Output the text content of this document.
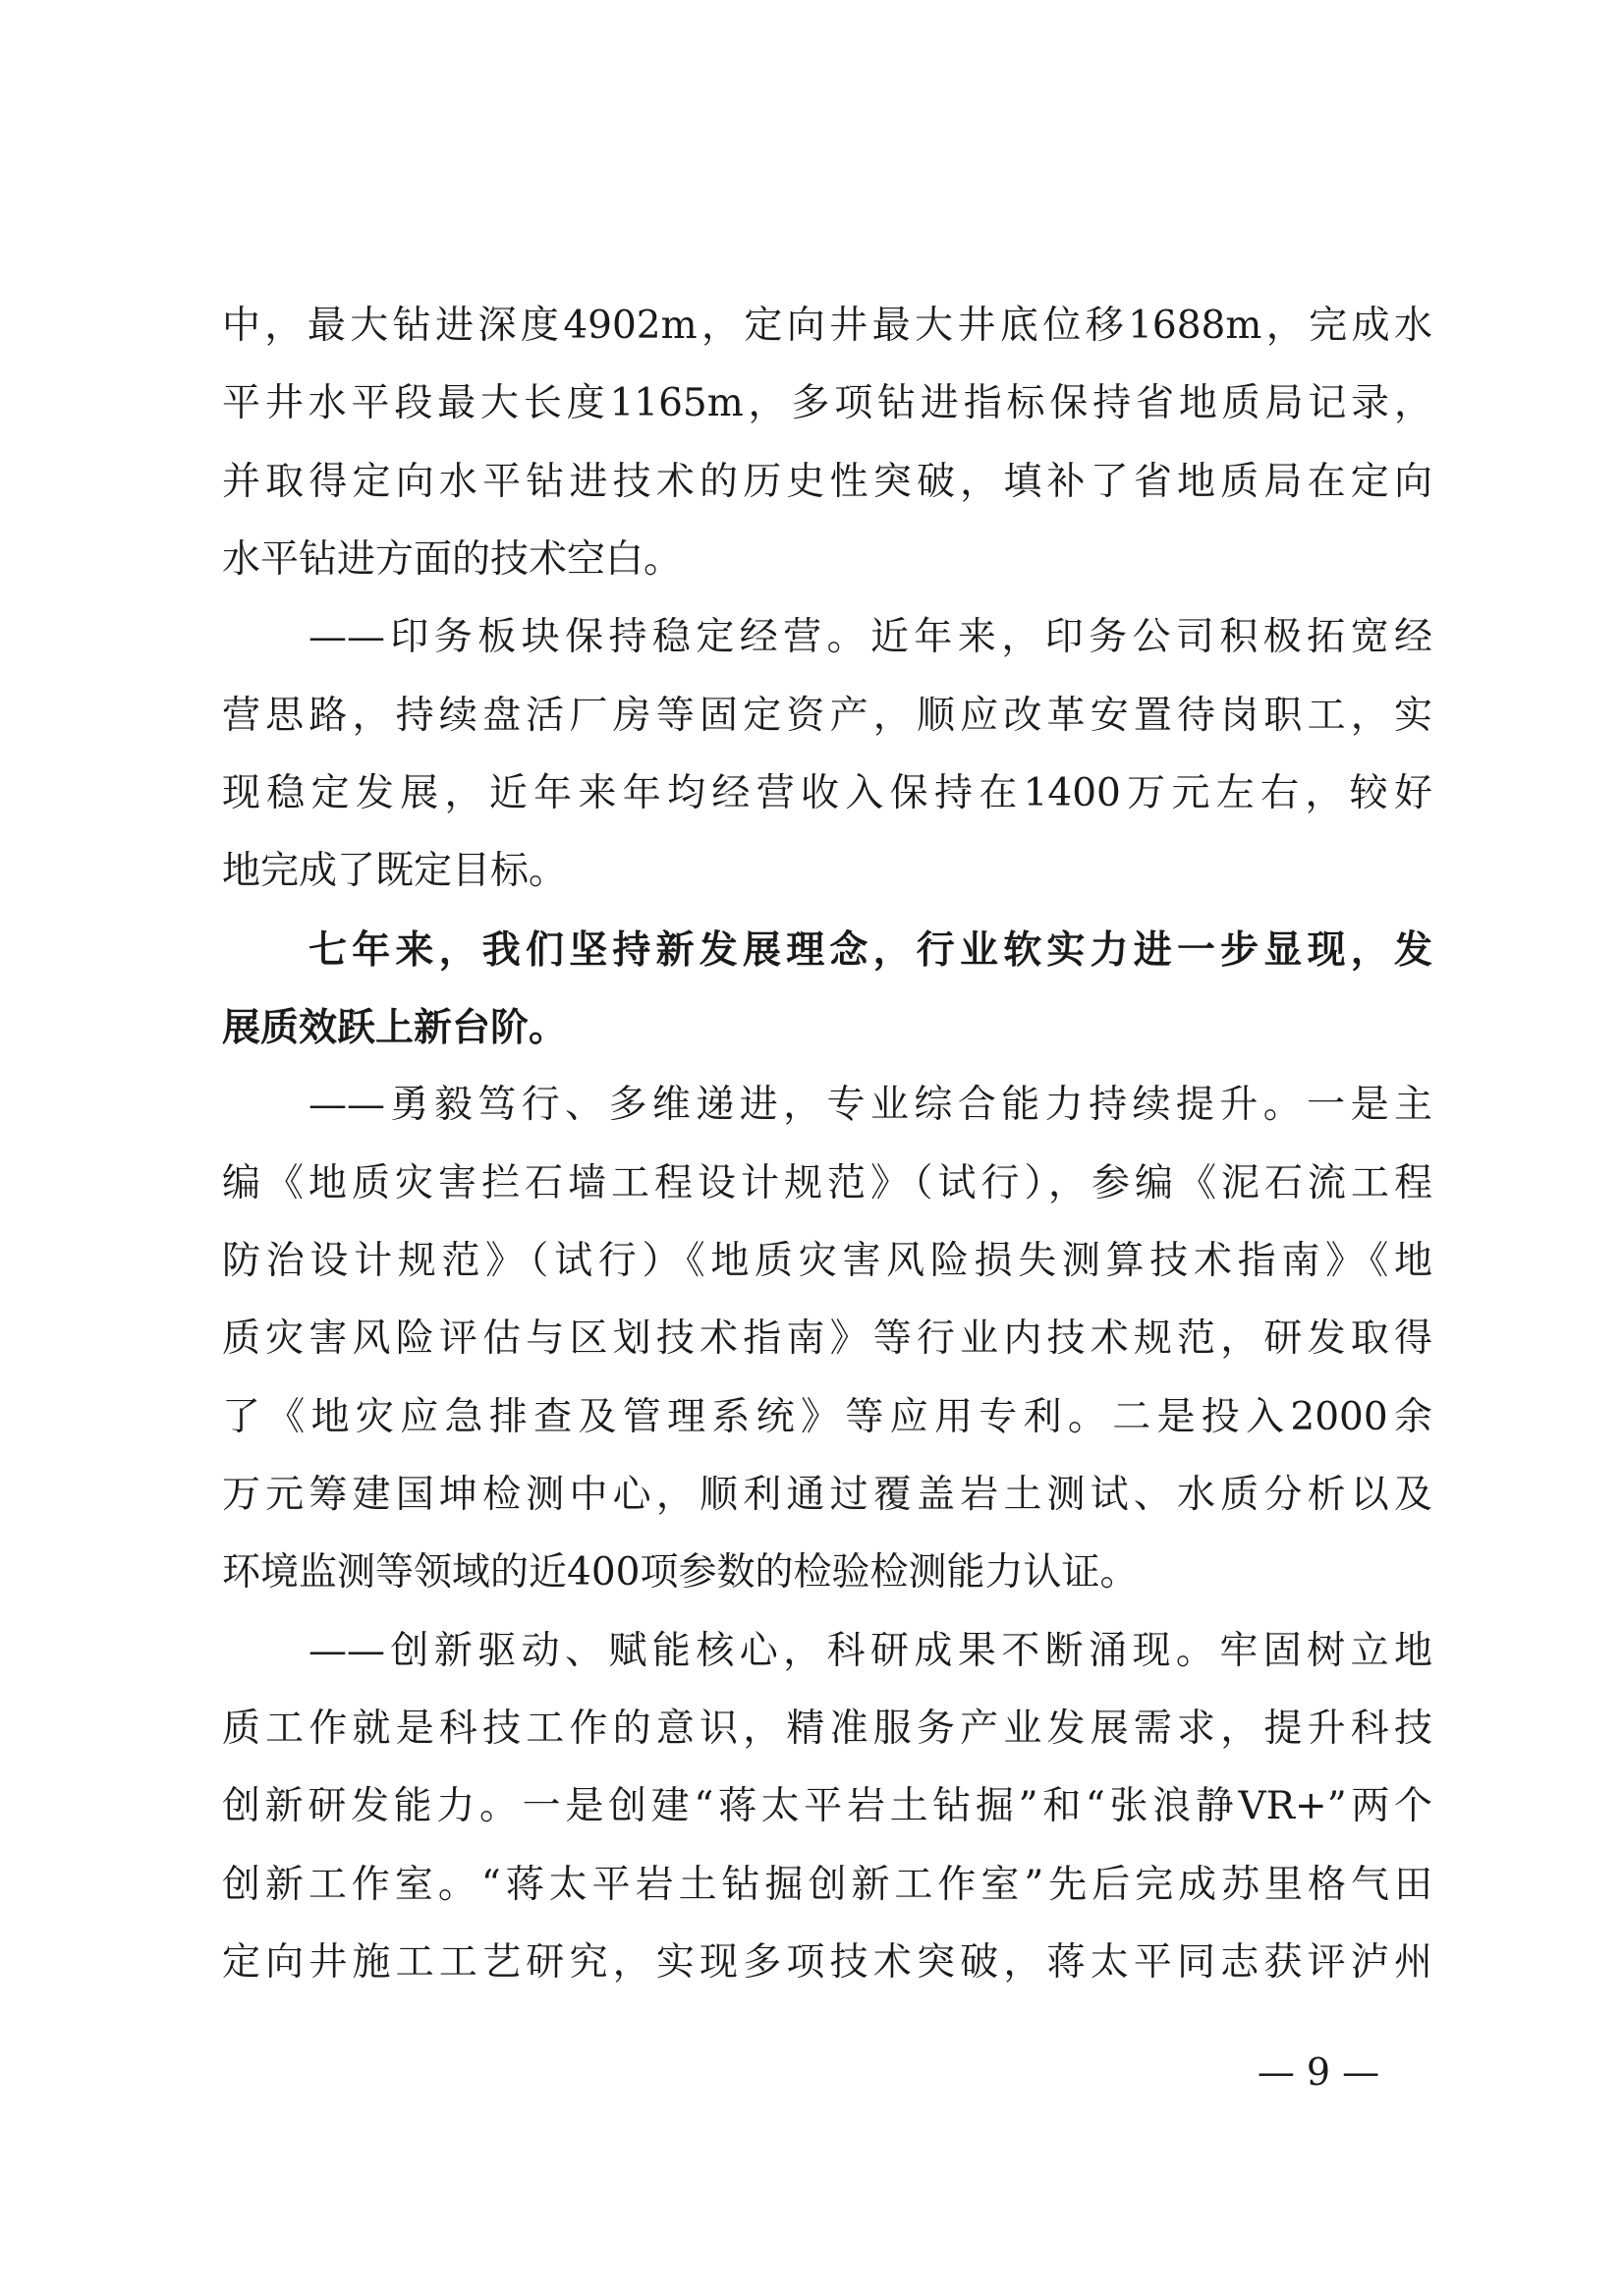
中，最大钻进深度4902m，定向井最大井底位移1688m，完成水
平井水平段最大长度1165m，多项钻进指标保持省地质局记录，
并取得定向水平钻进技术的历史性突破，填补了省地质局在定向
水平钻进方面的技术空白。
——印务板块保持稳定经营。近年来，印务公司积极拓宽经
营思路，持续盘活厂房等固定资产，顺应改革安置待岗职工，实
现稳定发展，近年来年均经营收入保持在1400万元左右，较好
地完成了既定目标。
七年来，我们坚持新发展理念，行业软实力进一步显现，发
展质效跃上新台阶。
——勇毅笃行、多维递进，专业综合能力持续提升。一是主
编《地质灾害拦石墙工程设计规范》（试行），参编《泥石流工程
防治设计规范》（试行）《地质灾害风险损失测算技术指南》《地
质灾害风险评估与区划技术指南》等行业内技术规范，研发取得
了《地灾应急排查及管理系统》等应用专利。二是投入2000余
万元筹建国坤检测中心，顺利通过覆盖岩土测试、水质分析以及
环境监测等领域的近400项参数的检验检测能力认证。
——创新驱动、赋能核心，科研成果不断涌现。牢固树立地
质工作就是科技工作的意识，精准服务产业发展需求，提升科技
创新研发能力。一是创建“蒋太平岩土钻掘”和“张浪静VR+”两个
创新工作室。“蒋太平岩土钻掘创新工作室”先后完成苏里格气田
定向井施工工艺研究，实现多项技术突破，蒋太平同志获评泸州
— 9 —
